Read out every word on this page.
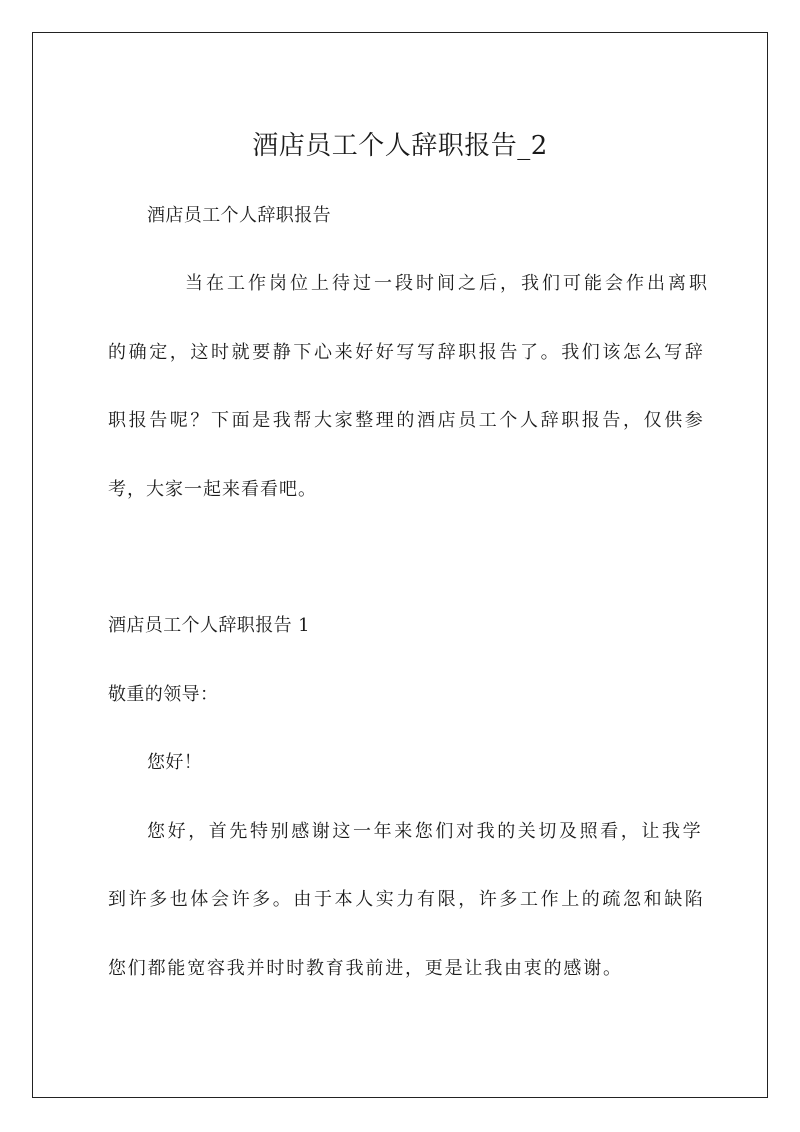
酒店员工个人辞职报告_2
酒店员工个人辞职报告
当在工作岗位上待过一段时间之后，我们可能会作出离职
的确定，这时就要静下心来好好写写辞职报告了。我们该怎么写辞
职报告呢？下面是我帮大家整理的酒店员工个人辞职报告，仅供参
考，大家一起来看看吧。
酒店员工个人辞职报告 1
敬重的领导：
您好！
您好，首先特别感谢这一年来您们对我的关切及照看，让我学
到许多也体会许多。由于本人实力有限，许多工作上的疏忽和缺陷
您们都能宽容我并时时教育我前进，更是让我由衷的感谢。
